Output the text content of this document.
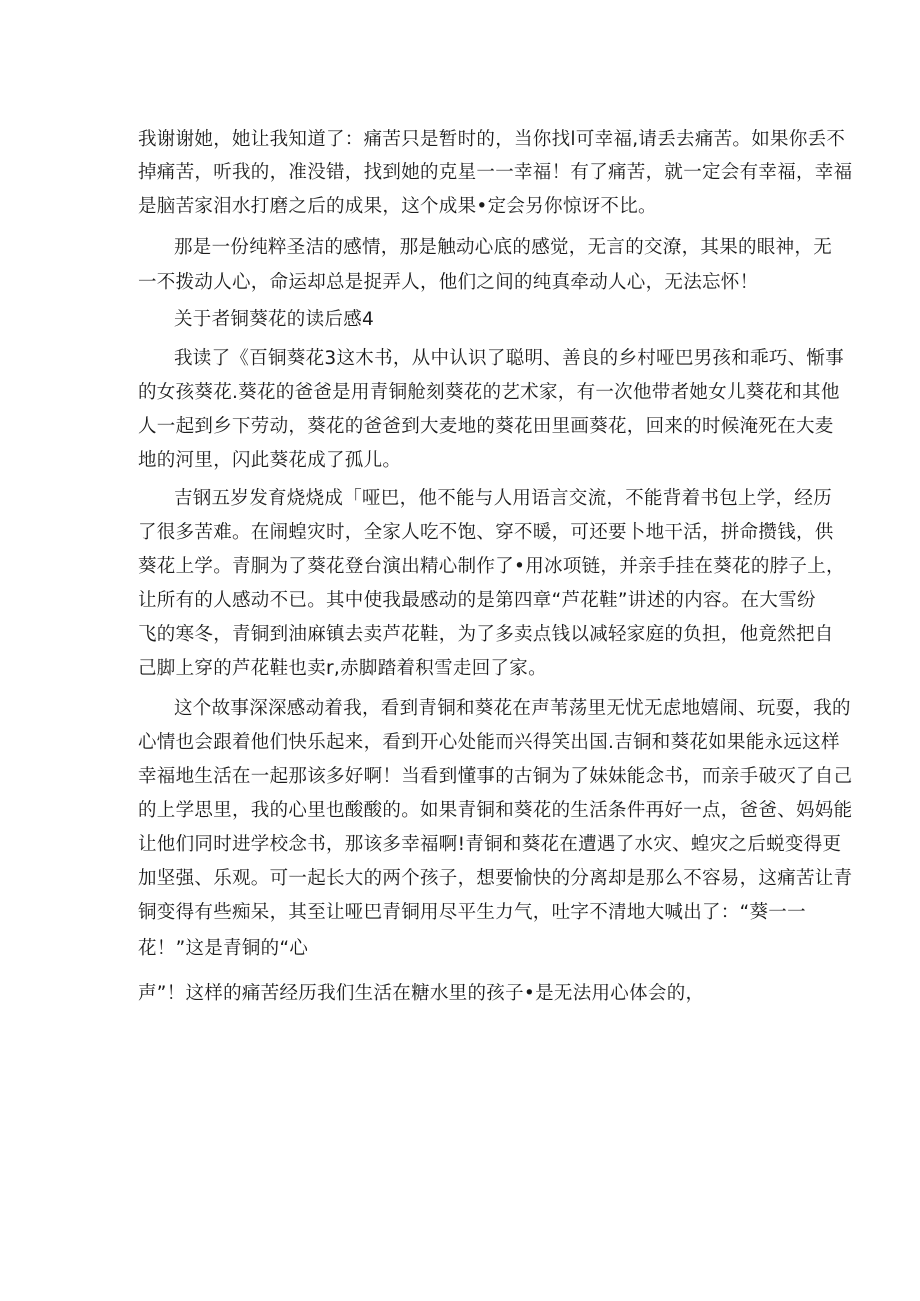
我谢谢她，她让我知道了：痛苦只是暂时的，当你找l可幸福,请丢去痛苦。如果你丢不
掉痛苦，听我的，准没错，找到她的克星一一幸福！有了痛苦，就一定会有幸福，幸福
是脑苦家泪水打磨之后的成果，这个成果•定会另你惊讶不比。
那是一份纯粹圣洁的感情，那是触动心底的感觉，无言的交潦，其果的眼神，无
一不拨动人心，命运却总是捉弄人，他们之间的纯真牵动人心，无法忘怀！
关于者铜葵花的读后感4
我读了《百铜葵花3这木书，从中认识了聪明、善良的乡村哑巴男孩和乖巧、惭事
的女孩葵花.葵花的爸爸是用青铜舱刻葵花的艺术家，有一次他带者她女儿葵花和其他
人一起到乡下劳动，葵花的爸爸到大麦地的葵花田里画葵花，回来的时候淹死在大麦
地的河里，闪此葵花成了孤儿。
吉钢五岁发育烧烧成「哑巴，他不能与人用语言交流，不能背着书包上学，经历
了很多苦难。在闹蝗灾时，全家人吃不饱、穿不暖，可还要卜地干活，拼命攒钱，供
葵花上学。青胴为了葵花登台演出精心制作了•用冰项链，并亲手挂在葵花的脖子上，
让所有的人感动不已。其中使我最感动的是第四章“芦花鞋”讲述的内容。在大雪纷
飞的寒冬，青铜到油麻镇去卖芦花鞋，为了多卖点钱以减轻家庭的负担，他竟然把自
己脚上穿的芦花鞋也卖r,赤脚踏着积雪走回了家。
这个故事深深感动着我，看到青铜和葵花在声苇荡里无忧无虑地嬉闹、玩耍，我的
心情也会跟着他们快乐起来，看到开心处能而兴得笑出国.吉铜和葵花如果能永远这样
幸福地生活在一起那该多好啊！当看到懂事的古铜为了妹妹能念书，而亲手破灭了自己
的上学思里，我的心里也酸酸的。如果青铜和葵花的生活条件再好一点，爸爸、妈妈能
让他们同时进学校念书，那该多幸福啊!青铜和葵花在遭遇了水灾、蝗灾之后蜕变得更
加坚强、乐观。可一起长大的两个孩子，想要愉快的分离却是那么不容易，这痛苦让青
铜变得有些痴呆，其至让哑巴青铜用尽平生力气，吐字不清地大喊出了：“葵一一
花！”这是青铜的“心
声”！这样的痛苦经历我们生活在糖水里的孩子•是无法用心体会的，
